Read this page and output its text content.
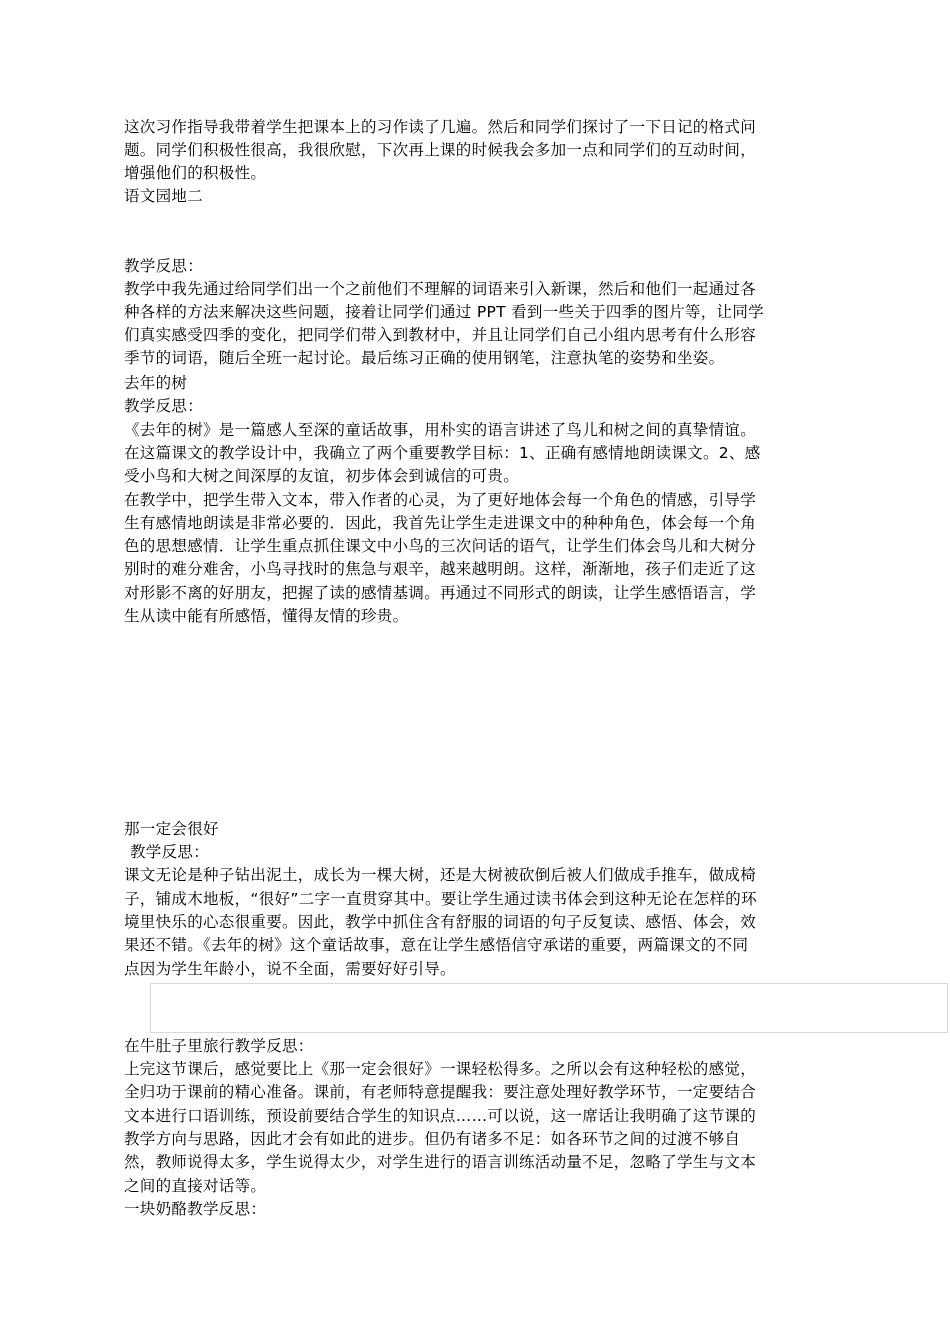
这次习作指导我带着学生把课本上的习作读了几遍。然后和同学们探讨了一下日记的格式问
题。同学们积极性很高，我很欣慰，下次再上课的时候我会多加一点和同学们的互动时间，
增强他们的积极性。
语文园地二
教学反思：
教学中我先通过给同学们出一个之前他们不理解的词语来引入新课，然后和他们一起通过各
种各样的方法来解决这些问题，接着让同学们通过 PPT 看到一些关于四季的图片等，让同学
们真实感受四季的变化，把同学们带入到教材中，并且让同学们自己小组内思考有什么形容
季节的词语，随后全班一起讨论。最后练习正确的使用钢笔，注意执笔的姿势和坐姿。
去年的树
教学反思：
《去年的树》是一篇感人至深的童话故事，用朴实的语言讲述了鸟儿和树之间的真挚情谊。
在这篇课文的教学设计中，我确立了两个重要教学目标：1、正确有感情地朗读课文。2、感
受小鸟和大树之间深厚的友谊，初步体会到诚信的可贵。
在教学中，把学生带入文本，带入作者的心灵，为了更好地体会每一个角色的情感，引导学
生有感情地朗读是非常必要的．因此，我首先让学生走进课文中的种种角色，体会每一个角
色的思想感情．让学生重点抓住课文中小鸟的三次问话的语气，让学生们体会鸟儿和大树分
别时的难分难舍，小鸟寻找时的焦急与艰辛，越来越明朗。这样，渐渐地，孩子们走近了这
对形影不离的好朋友，把握了读的感情基调。再通过不同形式的朗读，让学生感悟语言，学
生从读中能有所感悟，懂得友情的珍贵。
那一定会很好
教学反思：
课文无论是种子钻出泥土，成长为一棵大树，还是大树被砍倒后被人们做成手推车，做成椅
子，铺成木地板，“很好”二字一直贯穿其中。要让学生通过读书体会到这种无论在怎样的环
境里快乐的心态很重要。因此，教学中抓住含有舒服的词语的句子反复读、感悟、体会，效
果还不错。《去年的树》这个童话故事，意在让学生感悟信守承诺的重要，两篇课文的不同
点因为学生年龄小，说不全面，需要好好引导。
在牛肚子里旅行教学反思：
上完这节课后，感觉要比上《那一定会很好》一课轻松得多。之所以会有这种轻松的感觉，
全归功于课前的精心准备。课前，有老师特意提醒我：要注意处理好教学环节，一定要结合
文本进行口语训练，预设前要结合学生的知识点……可以说，这一席话让我明确了这节课的
教学方向与思路，因此才会有如此的进步。但仍有诸多不足：如各环节之间的过渡不够自
然，教师说得太多，学生说得太少，对学生进行的语言训练活动量不足，忽略了学生与文本
之间的直接对话等。
一块奶酪教学反思：
